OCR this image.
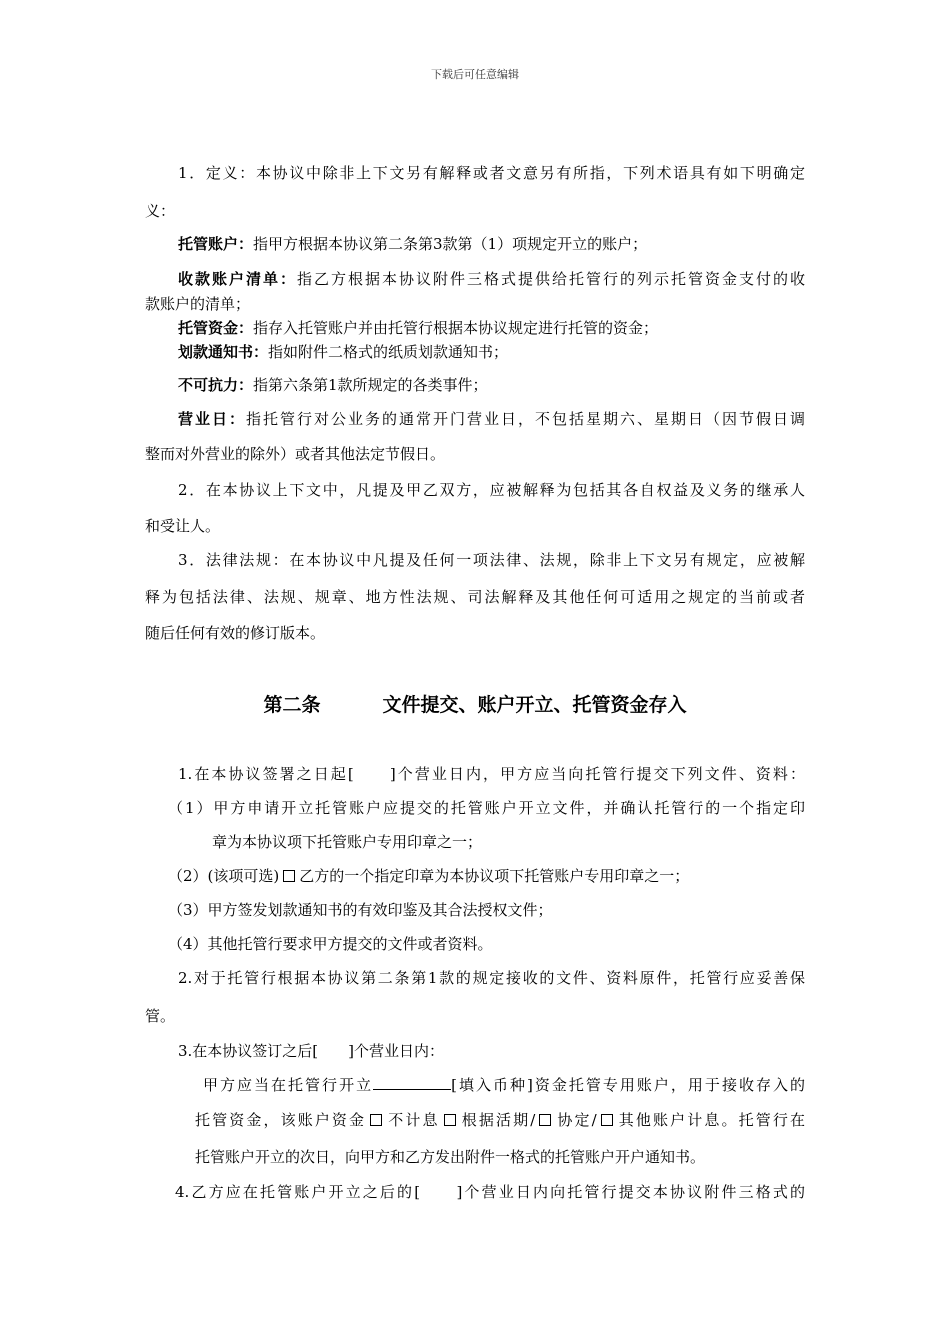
下载后可任意编辑
1．定义：本协议中除非上下文另有解释或者文意另有所指，下列术语具有如下明确定
义：
托管账户：指甲方根据本协议第二条第3款第（1）项规定开立的账户；
收款账户清单：指乙方根据本协议附件三格式提供给托管行的列示托管资金支付的收
款账户的清单；
托管资金：指存入托管账户并由托管行根据本协议规定进行托管的资金；
划款通知书：指如附件二格式的纸质划款通知书；
不可抗力：指第六条第1款所规定的各类事件；
营业日：指托管行对公业务的通常开门营业日，不包括星期六、星期日（因节假日调
整而对外营业的除外）或者其他法定节假日。
2．在本协议上下文中，凡提及甲乙双方，应被解释为包括其各自权益及义务的继承人
和受让人。
3．法律法规：在本协议中凡提及任何一项法律、法规，除非上下文另有规定，应被解
释为包括法律、法规、规章、地方性法规、司法解释及其他任何可适用之规定的当前或者
随后任何有效的修订版本。
第二条	文件提交、账户开立、托管资金存入
1.在本协议签署之日起[　　]个营业日内，甲方应当向托管行提交下列文件、资料：
（1）甲方申请开立托管账户应提交的托管账户开立文件，并确认托管行的一个指定印
章为本协议项下托管账户专用印章之一；
（2）(该项可选) 乙方的一个指定印章为本协议项下托管账户专用印章之一；
（3）甲方签发划款通知书的有效印鉴及其合法授权文件；
（4）其他托管行要求甲方提交的文件或者资料。
2.对于托管行根据本协议第二条第1款的规定接收的文件、资料原件，托管行应妥善保
管。
3.在本协议签订之后[　　]个营业日内：
甲方应当在托管行开立	[填入币种]资金托管专用账户，用于接收存入的
托管资金，该账户资金 不计息 根据活期/ 协定/ 其他账户计息。托管行在
托管账户开立的次日，向甲方和乙方发出附件一格式的托管账户开户通知书。
4.乙方应在托管账户开立之后的[　　]个营业日内向托管行提交本协议附件三格式的
